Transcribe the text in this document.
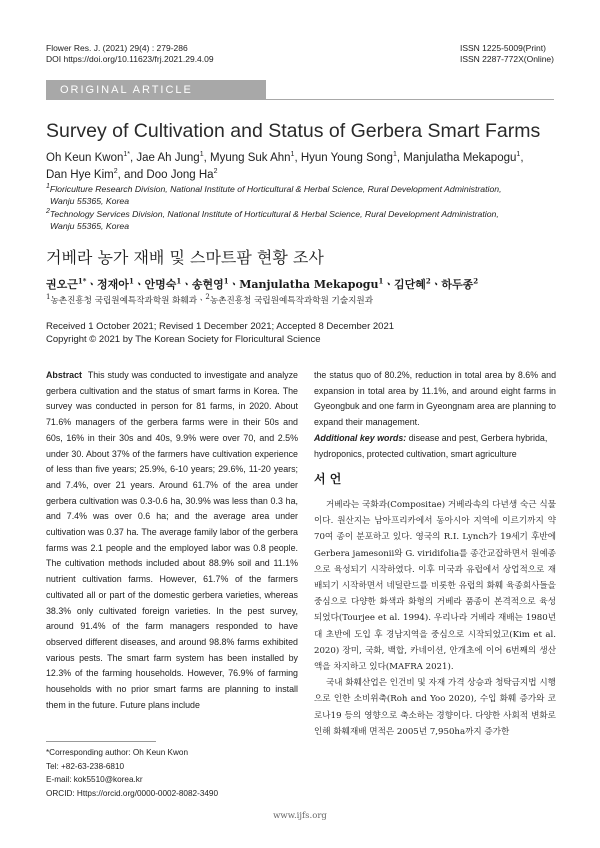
Flower Res. J. (2021) 29(4) : 279-286
DOI https://doi.org/10.11623/frj.2021.29.4.09
ISSN 1225-5009(Print)
ISSN 2287-772X(Online)
ORIGINAL ARTICLE
Survey of Cultivation and Status of Gerbera Smart Farms
Oh Keun Kwon$^{1*}$, Jae Ah Jung$^1$, Myung Suk Ahn$^1$, Hyun Young Song$^1$, Manjulatha Mekapogu$^1$,
Dan Hye Kim$^2$, and Doo Jong Ha$^2$
$^1$Floriculture Research Division, National Institute of Horticultural & Herbal Science, Rural Development Administration,
Wanju 55365, Korea
$^2$Technology Services Division, National Institute of Horticultural & Herbal Science, Rural Development Administration,
Wanju 55365, Korea
거베라 농가 재배 및 스마트팜 현황 조사
권오근$^{1*}$ㆍ정재아$^1$ㆍ안명숙$^1$ㆍ송현영$^1$ㆍManjulatha Mekapogu$^1$ㆍ김단혜$^2$ㆍ하두종$^2$
$^1$농촌진흥청 국립원예특작과학원 화훼과ㆍ$^2$농촌진흥청 국립원예특작과학원 기술지원과
Received 1 October 2021; Revised 1 December 2021; Accepted 8 December 2021
Copyright © 2021 by The Korean Society for Floricultural Science
Abstract This study was conducted to investigate and analyze gerbera cultivation and the status of smart farms in Korea. The survey was conducted in person for 81 farms, in 2020. About 71.6% managers of the gerbera farms were in their 50s and 60s, 16% in their 30s and 40s, 9.9% were over 70, and 2.5% under 30. About 37% of the farmers have cultivation experience of less than five years; 25.9%, 6-10 years; 29.6%, 11-20 years; and 7.4%, over 21 years. Around 61.7% of the area under gerbera cultivation was 0.3-0.6 ha, 30.9% was less than 0.3 ha, and 7.4% was over 0.6 ha; and the average area under cultivation was 0.37 ha. The average family labor of the gerbera farms was 2.1 people and the employed labor was 0.8 people. The cultivation methods included about 88.9% soil and 11.1% nutrient cultivation farms. However, 61.7% of the farmers cultivated all or part of the domestic gerbera varieties, whereas 38.3% only cultivated foreign varieties. In the pest survey, around 91.4% of the farm managers responded to have observed different diseases, and around 98.8% farms exhibited various pests. The smart farm system has been installed by 12.3% of the farming households. However, 76.9% of farming households with no prior smart farms are planning to install them in the future. Future plans include
the status quo of 80.2%, reduction in total area by 8.6% and expansion in total area by 11.1%, and around eight farms in Gyeongbuk and one farm in Gyeongnam area are planning to expand their management.
Additional key words: disease and pest, Gerbera hybrida, hydroponics, protected cultivation, smart agriculture
서 언

거베라는 국화과(Compositae) 거베라속의 다년생 숙근 식물이다. 원산지는 남아프리카에서 동아시아 지역에 이르기까지 약 70여 종이 분포하고 있다. 영국의 R.I. Lynch가 19세기 후반에 Gerbera jamesonii와 G. viridifolia를 종간교잡하면서 원예종으로 육성되기 시작하였다. 이후 미국과 유럽에서 상업적으로 재배되기 시작하면서 네덜란드를 비롯한 유럽의 화훼 육종회사들을 중심으로 다양한 화색과 화형의 거베라 품종이 본격적으로 육성되었다(Tourjee et al. 1994). 우리나라 거베라 재배는 1980년대 초반에 도입 후 경남지역을 중심으로 시작되었고(Kim et al. 2020) 장미, 국화, 백합, 카네이션, 안개초에 이어 6번째의 생산액을 차지하고 있다(MAFRA 2021).

국내 화훼산업은 인건비 및 자재 가격 상승과 청탁금지법 시행으로 인한 소비위축(Roh and Yoo 2020), 수입 화훼 증가와 코로나19 등의 영향으로 축소하는 경향이다. 다양한 사회적 변화로 인해 화훼재배 면적은 2005년 7,950ha까지 증가한

*Corresponding author: Oh Keun Kwon
Tel: +82-63-238-6810
E-mail: kok5510@korea.kr
ORCID: Https://orcid.org/0000-0002-8082-3490
www.ijfs.org
